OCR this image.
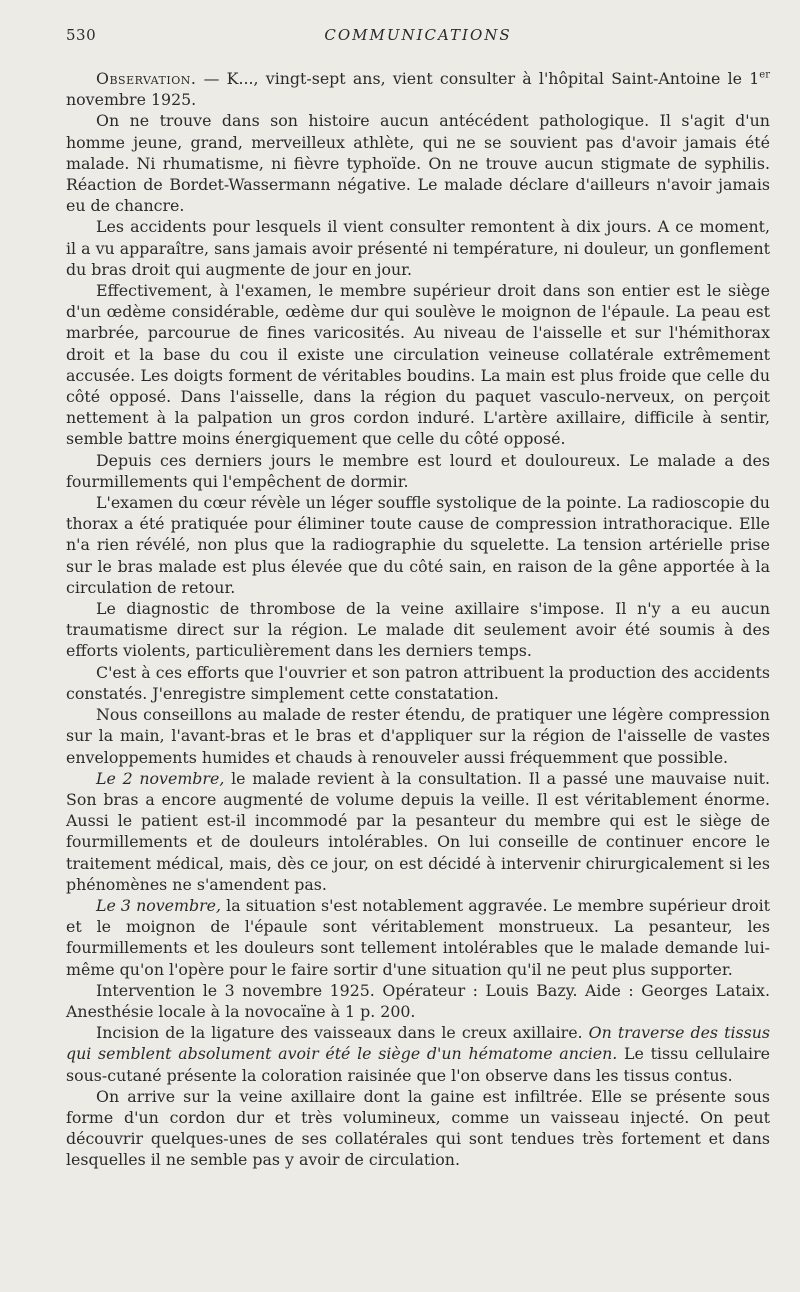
530	COMMUNICATIONS

Observation. — K..., vingt-sept ans, vient consulter à l'hôpital Saint-Antoine le 1er novembre 1925.

On ne trouve dans son histoire aucun antécédent pathologique. Il s'agit d'un homme jeune, grand, merveilleux athlète, qui ne se souvient pas d'avoir jamais été malade. Ni rhumatisme, ni fièvre typhoïde. On ne trouve aucun stigmate de syphilis. Réaction de Bordet-Wassermann négative. Le malade déclare d'ailleurs n'avoir jamais eu de chancre.

Les accidents pour lesquels il vient consulter remontent à dix jours. A ce moment, il a vu apparaître, sans jamais avoir présenté ni température, ni douleur, un gonflement du bras droit qui augmente de jour en jour.

Effectivement, à l'examen, le membre supérieur droit dans son entier est le siège d'un œdème considérable, œdème dur qui soulève le moignon de l'épaule. La peau est marbrée, parcourue de fines varicosités. Au niveau de l'aisselle et sur l'hémithorax droit et la base du cou il existe une circulation veineuse collatérale extrêmement accusée. Les doigts forment de véritables boudins. La main est plus froide que celle du côté opposé. Dans l'aisselle, dans la région du paquet vasculo-nerveux, on perçoit nettement à la palpation un gros cordon induré. L'artère axillaire, difficile à sentir, semble battre moins énergiquement que celle du côté opposé.

Depuis ces derniers jours le membre est lourd et douloureux. Le malade a des fourmillements qui l'empêchent de dormir.

L'examen du cœur révèle un léger souffle systolique de la pointe. La radioscopie du thorax a été pratiquée pour éliminer toute cause de compression intrathoracique. Elle n'a rien révélé, non plus que la radiographie du squelette. La tension artérielle prise sur le bras malade est plus élevée que du côté sain, en raison de la gêne apportée à la circulation de retour.

Le diagnostic de thrombose de la veine axillaire s'impose. Il n'y a eu aucun traumatisme direct sur la région. Le malade dit seulement avoir été soumis à des efforts violents, particulièrement dans les derniers temps.

C'est à ces efforts que l'ouvrier et son patron attribuent la production des accidents constatés. J'enregistre simplement cette constatation.

Nous conseillons au malade de rester étendu, de pratiquer une légère compression sur la main, l'avant-bras et le bras et d'appliquer sur la région de l'aisselle de vastes enveloppements humides et chauds à renouveler aussi fréquemment que possible.

Le 2 novembre, le malade revient à la consultation. Il a passé une mauvaise nuit. Son bras a encore augmenté de volume depuis la veille. Il est véritablement énorme. Aussi le patient est-il incommodé par la pesanteur du membre qui est le siège de fourmillements et de douleurs intolérables. On lui conseille de continuer encore le traitement médical, mais, dès ce jour, on est décidé à intervenir chirurgicalement si les phénomènes ne s'amendent pas.

Le 3 novembre, la situation s'est notablement aggravée. Le membre supérieur droit et le moignon de l'épaule sont véritablement monstrueux. La pesanteur, les fourmillements et les douleurs sont tellement intolérables que le malade demande lui-même qu'on l'opère pour le faire sortir d'une situation qu'il ne peut plus supporter.

Intervention le 3 novembre 1925. Opérateur : Louis Bazy. Aide : Georges Lataix. Anesthésie locale à la novocaïne à 1 p. 200.

Incision de la ligature des vaisseaux dans le creux axillaire. On traverse des tissus qui semblent absolument avoir été le siège d'un hématome ancien. Le tissu cellulaire sous-cutané présente la coloration raisinée que l'on observe dans les tissus contus.

On arrive sur la veine axillaire dont la gaine est infiltrée. Elle se présente sous forme d'un cordon dur et très volumineux, comme un vaisseau injecté. On peut découvrir quelques-unes de ses collatérales qui sont tendues très fortement et dans lesquelles il ne semble pas y avoir de circulation.
